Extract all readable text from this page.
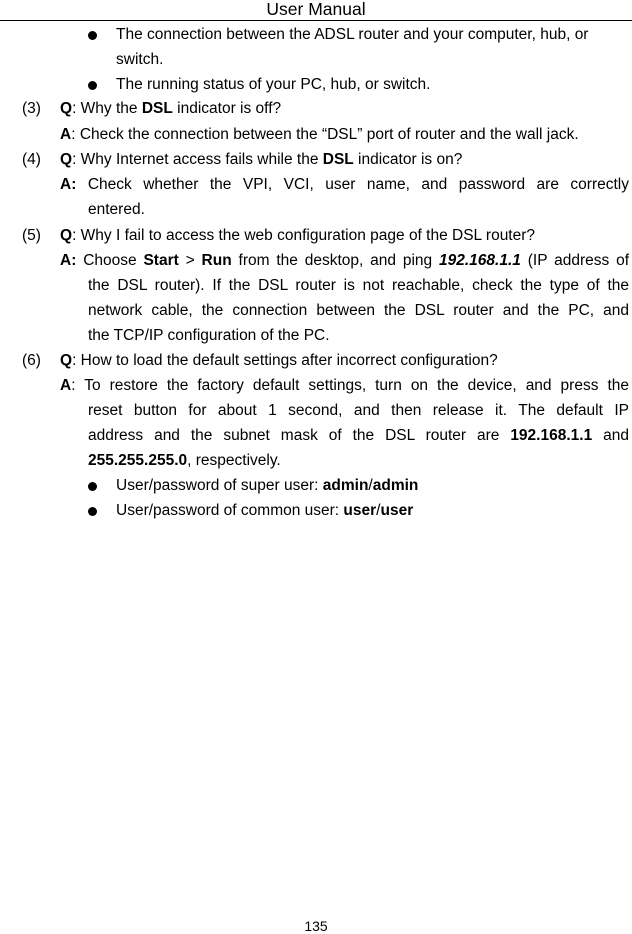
User Manual
The connection between the ADSL router and your computer, hub, or
switch.
The running status of your PC, hub, or switch.
(3) Q: Why the DSL indicator is off?
A: Check the connection between the “DSL” port of router and the wall jack.
(4) Q: Why Internet access fails while the DSL indicator is on?
A: Check whether the VPI, VCI, user name, and password are correctly
entered.
(5) Q: Why I fail to access the web configuration page of the DSL router?
A: Choose Start > Run from the desktop, and ping 192.168.1.1 (IP address of
the DSL router). If the DSL router is not reachable, check the type of the
network cable, the connection between the DSL router and the PC, and
the TCP/IP configuration of the PC.
(6) Q: How to load the default settings after incorrect configuration?
A: To restore the factory default settings, turn on the device, and press the
reset button for about 1 second, and then release it. The default IP
address and the subnet mask of the DSL router are 192.168.1.1 and
255.255.255.0, respectively.
User/password of super user: admin/admin
User/password of common user: user/user
135
